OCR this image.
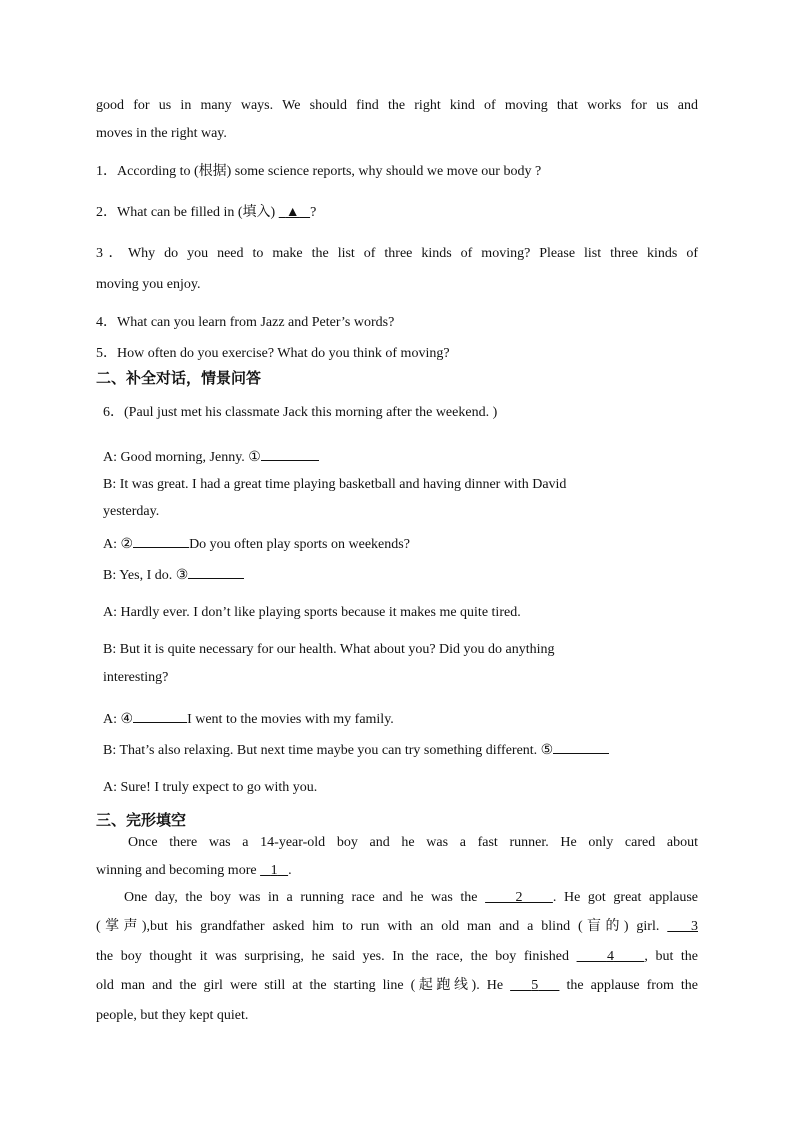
good for us in many ways. We should find the right kind of moving that works for us and
moves in the right way.
1．According to (根据) some science reports, why should we move our body ?
2．What can be filled in (填入)   ▲ ?
3．Why do you need to make the list of three kinds of moving? Please list three kinds of
moving you enjoy.
4．What can you learn from Jazz and Peter’s words?
5．How often do you exercise? What do you think of moving?
二、补全对话，情景问答
6．(Paul just met his classmate Jack this morning after the weekend. )
A: Good morning, Jenny. ①
B: It was great. I had a great time playing basketball and having dinner with David
yesterday.
A: ②	Do you often play sports on weekends?
B: Yes, I do. ③
A: Hardly ever. I don’t like playing sports because it makes me quite tired.
B: But it is quite necessary for our health. What about you? Did you do anything
interesting?
A: ④	I went to the movies with my family.
B: That’s also relaxing. But next time maybe you can try something different. ⑤
A: Sure! I truly expect to go with you.
三、完形填空
Once there was a 14-year-old boy and he was a fast runner. He only cared about
winning and becoming more    1 .
One day, the boy was in a running race and he was the     2 . He got great applause
(掌声),but his grandfather asked him to run with an old man and a blind (盲的) girl.    3
the boy thought it was surprising, he said yes. In the race, the boy finished     4 , but the
old man and the girl were still at the starting line (起跑线). He    5    the applause from the
people, but they kept quiet.
